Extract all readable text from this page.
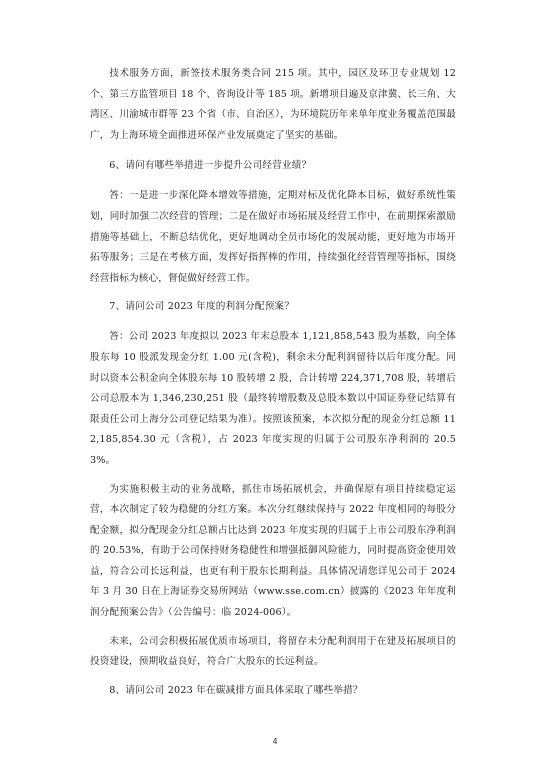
技术服务方面，新签技术服务类合同 215 项。其中，园区及环卫专业规划 12 个、第三方监管项目 18 个、咨询设计等 185 项。新增项目遍及京津冀、长三角、大湾区、川渝城市群等 23 个省（市、自治区），为环境院历年来单年度业务覆盖范围最广，为上海环境全面推进环保产业发展奠定了坚实的基础。

6、请问有哪些举措进一步提升公司经营业绩？

答：一是进一步深化降本增效等措施，定期对标及优化降本目标，做好系统性策划，同时加强二次经营的管理；二是在做好市场拓展及经营工作中，在前期探索激励措施等基础上，不断总结优化，更好地调动全员市场化的发展动能，更好地为市场开拓等服务；三是在考核方面，发挥好指挥棒的作用，持续强化经营管理等指标，围绕经营指标为核心，督促做好经营工作。

7、请问公司 2023 年度的利润分配预案？

答：公司 2023 年度拟以 2023 年末总股本 1,121,858,543 股为基数，向全体股东每 10 股派发现金分红 1.00 元(含税)，剩余未分配利润留待以后年度分配。同时以资本公积金向全体股东每 10 股转增 2 股，合计转增 224,371,708 股，转增后公司总股本为 1,346,230,251 股（最终转增股数及总股本数以中国证券登记结算有限责任公司上海分公司登记结果为准）。按照该预案，本次拟分配的现金分红总额 112,185,854.30 元（含税），占 2023 年度实现的归属于公司股东净利润的 20.53%。

为实施积极主动的业务战略，抓住市场拓展机会，并确保原有项目持续稳定运营，本次制定了较为稳健的分红方案。本次分红继续保持与 2022 年度相同的每股分配金额，拟分配现金分红总额占比达到 2023 年度实现的归属于上市公司股东净利润的 20.53%，有助于公司保持财务稳健性和增强抵御风险能力，同时提高资金使用效益，符合公司长远利益，也更有利于股东长期利益。具体情况请您详见公司于 2024 年 3 月 30 日在上海证券交易所网站（www.sse.com.cn）披露的《2023 年年度利润分配预案公告》（公告编号：临 2024-006）。

未来，公司会积极拓展优质市场项目，将留存未分配利润用于在建及拓展项目的投资建设，预期收益良好，符合广大股东的长远利益。

8、请问公司 2023 年在碳减排方面具体采取了哪些举措？

4
